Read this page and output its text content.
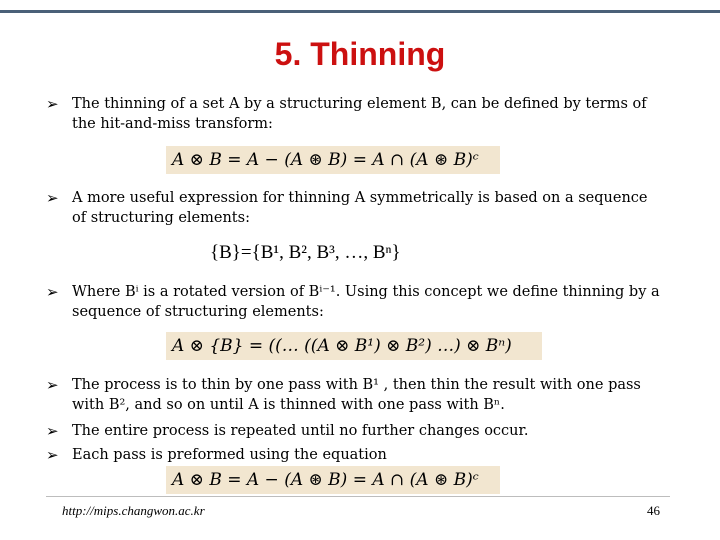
5. Thinning
➢ The thinning of a set A by a structuring element B, can be defined by terms of the hit-and-miss transform:
A ⊗ B = A − (A ⊛ B) = A ∩ (A ⊛ B)ᶜ
➢ A more useful expression for thinning A symmetrically is based on a sequence of structuring elements:
{B}={B¹, B², B³, …, Bⁿ}
➢ Where Bⁱ is a rotated version of Bⁱ⁻¹. Using this concept we define thinning by a sequence of structuring elements:
A ⊗ {B} = ((… ((A ⊗ B¹) ⊗ B²) …) ⊗ Bⁿ)
➢ The process is to thin by one pass with B¹ , then thin the result with one pass with B², and so on until A is thinned with one pass with Bⁿ.
➢ The entire process is repeated until no further changes occur.
➢ Each pass is preformed using the equation
A ⊗ B = A − (A ⊛ B) = A ∩ (A ⊛ B)ᶜ
http://mips.changwon.ac.kr	46
